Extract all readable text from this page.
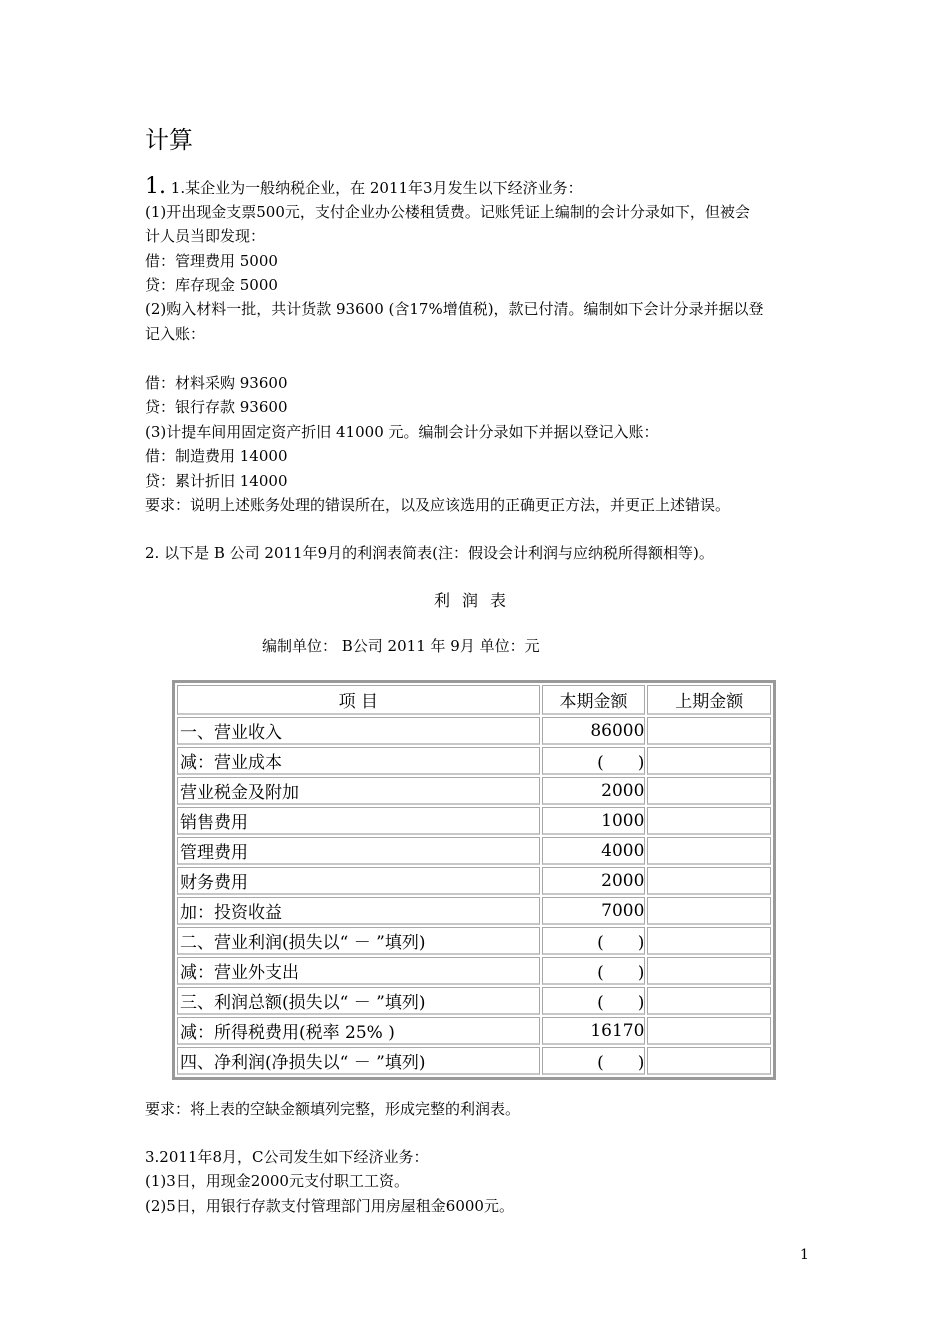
计算
1. 1.某企业为一般纳税企业，在 2011年3月发生以下经济业务：
(1)开出现金支票500元，支付企业办公楼租赁费。记账凭证上编制的会计分录如下，但被会
计人员当即发现：
借：管理费用 5000
贷：库存现金 5000
(2)购入材料一批，共计货款 93600 (含17%增值税)，款已付清。编制如下会计分录并据以登
记入账：
借：材料采购 93600
贷：银行存款 93600
(3)计提车间用固定资产折旧 41000 元。编制会计分录如下并据以登记入账：
借：制造费用 14000
贷：累计折旧 14000
要求：说明上述账务处理的错误所在，以及应该选用的正确更正方法，并更正上述错误。
2. 以下是 B 公司 2011年9月的利润表简表(注：假设会计利润与应纳税所得额相等)。
利润表
编制单位： B公司 2011 年 9月 单位：元
项 目	本期金额	上期金额
一、营业收入	86000	
减：营业成本	(　　)	
营业税金及附加	2000	
销售费用	1000	
管理费用	4000	
财务费用	2000	
加：投资收益	7000	
二、营业利润(损失以“ － ”填列)	(　　)	
减：营业外支出	(　　)	
三、利润总额(损失以“ － ”填列)	(　　)	
减：所得税费用(税率 25% )	16170	
四、净利润(净损失以“ － ”填列)	(　　)	
要求：将上表的空缺金额填列完整，形成完整的利润表。
3.2011年8月，C公司发生如下经济业务：
(1)3日，用现金2000元支付职工工资。
(2)5日，用银行存款支付管理部门用房屋租金6000元。
1
